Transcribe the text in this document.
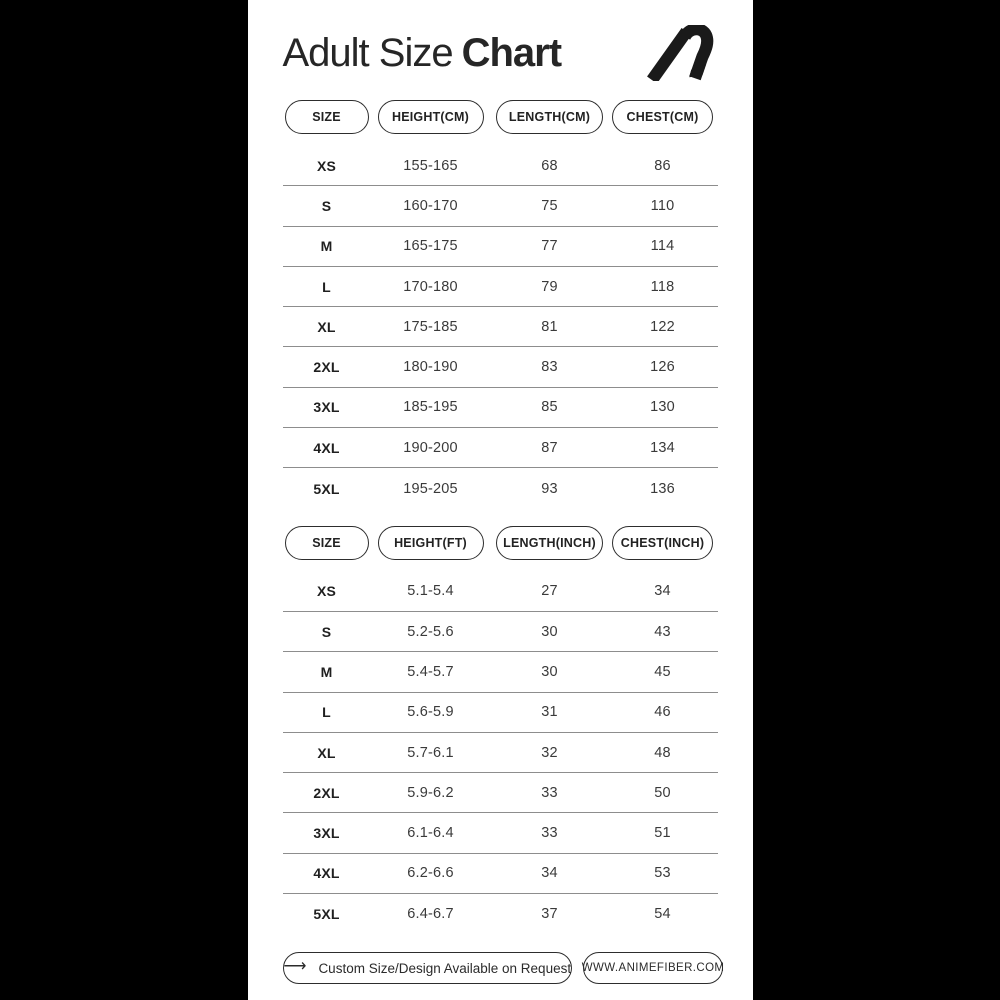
Adult Size Chart
SIZE	HEIGHT(CM)	LENGTH(CM)	CHEST(CM)
XS	155-165	68	86
S	160-170	75	110
M	165-175	77	114
L	170-180	79	118
XL	175-185	81	122
2XL	180-190	83	126
3XL	185-195	85	130
4XL	190-200	87	134
5XL	195-205	93	136
SIZE	HEIGHT(FT)	LENGTH(INCH)	CHEST(INCH)
XS	5.1-5.4	27	34
S	5.2-5.6	30	43
M	5.4-5.7	30	45
L	5.6-5.9	31	46
XL	5.7-6.1	32	48
2XL	5.9-6.2	33	50
3XL	6.1-6.4	33	51
4XL	6.2-6.6	34	53
5XL	6.4-6.7	37	54
⟶ Custom Size/Design Available on Request WWW.ANIMEFIBER.COM
